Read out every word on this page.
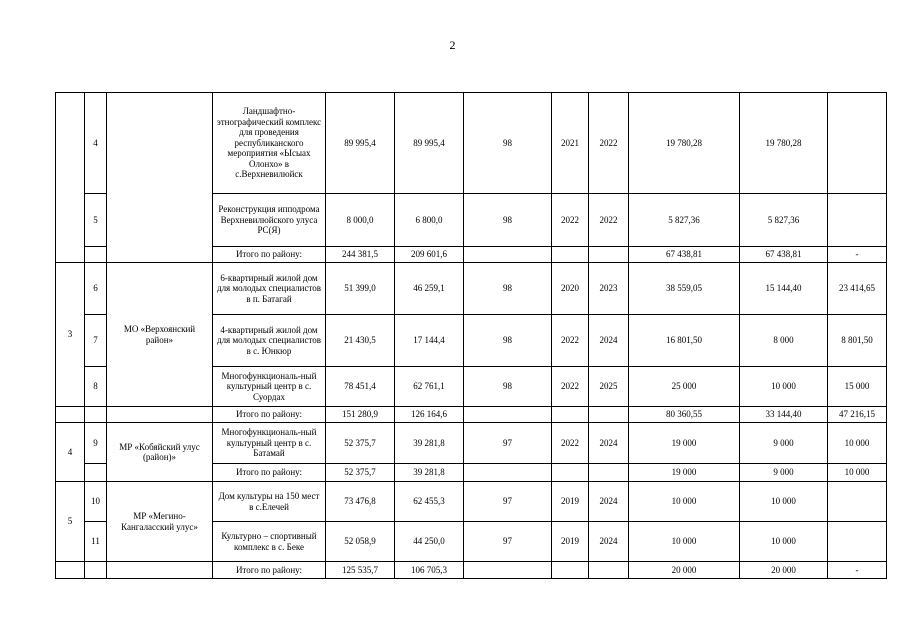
2
	4		Ландшафтно-этнографический комплекс для проведения республиканского мероприятия «Ысыах Олонхо» в с.Верхневилюйск	89 995,4	89 995,4	98	2021	2022	19 780,28	19 780,28	
	5		Реконструкция ипподрома Верхневилюйского улуса РС(Я)	8 000,0	6 800,0	98	2022	2022	5 827,36	5 827,36	
			Итого по району:	244 381,5	209 601,6				67 438,81	67 438,81	-
3	6	МО «Верхоянский район»	6-квартирный жилой дом для молодых специалистов в п. Батагай	51 399,0	46 259,1	98	2020	2023	38 559,05	15 144,40	23 414,65
	7		4-квартирный жилой дом для молодых специалистов в с. Юнкюр	21 430,5	17 144,4	98	2022	2024	16 801,50	8 000	8 801,50
	8		Многофункциональ-ный культурный центр в с. Суордах	78 451,4	62 761,1	98	2022	2025	25 000	10 000	15 000
			Итого по району:	151 280,9	126 164,6				80 360,55	33 144,40	47 216,15
4	9	МР «Кобяйский улус (район)»	Многофункциональ-ный культурный центр в с. Батамай	52 375,7	39 281,8	97	2022	2024	19 000	9 000	10 000
			Итого по району:	52 375,7	39 281,8				19 000	9 000	10 000
5	10	МР «Мегино-Кангаласский улус»	Дом культуры на 150 мест в с.Елечей	73 476,8	62 455,3	97	2019	2024	10 000	10 000	
	11		Культурно – спортивный комплекс в с. Беке	52 058,9	44 250,0	97	2019	2024	10 000	10 000	
			Итого по району:	125 535,7	106 705,3				20 000	20 000	-
